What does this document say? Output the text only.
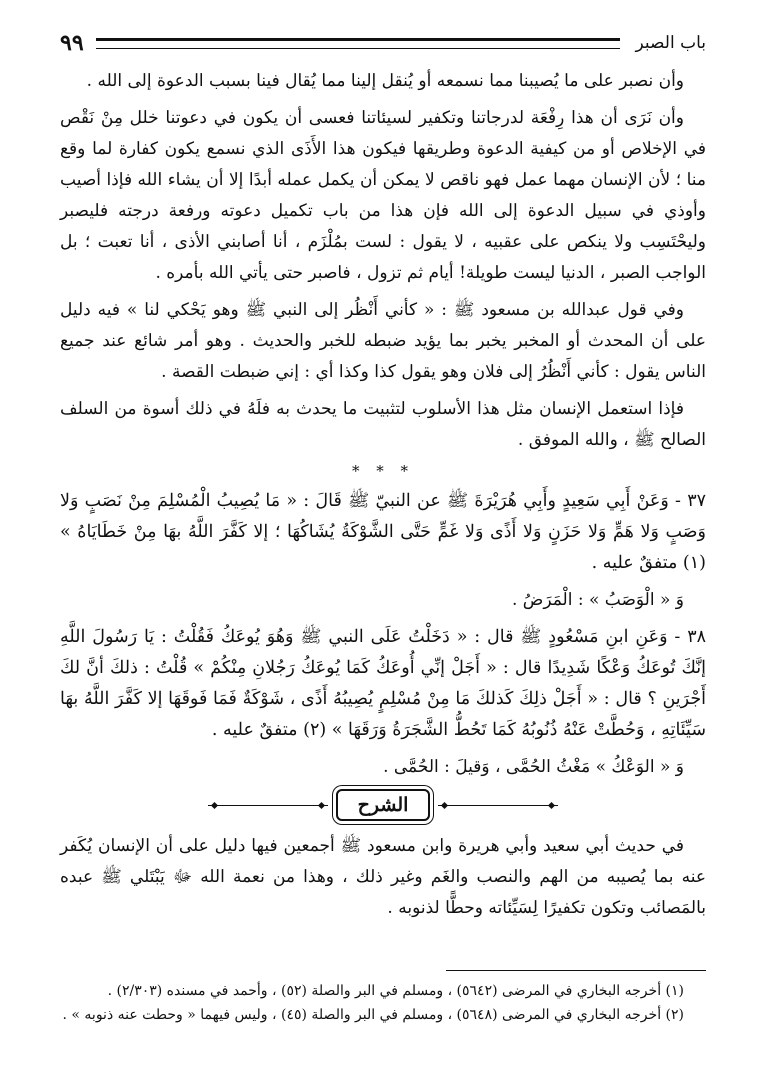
باب الصبر
٩٩

وأن نصبر على ما يُصيبنا مما نسمعه أو يُنقل إلينا مما يُقال فينا بسبب الدعوة إلى الله .

وأن نَرَى أن هذا رِفْعَة لدرجاتنا وتكفير لسيئاتنا فعسى أن يكون في دعوتنا خلل مِنْ نَقْص في الإخلاص أو من كيفية الدعوة وطريقها فيكون هذا الأَذَى الذي نسمع يكون كفارة لما وقع منا ؛ لأن الإنسان مهما عمل فهو ناقص لا يمكن أن يكمل عمله أبدًا إلا أن يشاء الله فإذا أصيب وأوذي في سبيل الدعوة إلى الله فإن هذا من باب تكميل دعوته ورفعة درجته فليصبر وليحْتَسِب ولا ينكص على عقبيه ، لا يقول : لست بمُلْزَم ، أنا أصابني الأذى ، أنا تعبت ؛ بل الواجب الصبر ، الدنيا ليست طويلة! أيام ثم تزول ، فاصبر حتى يأتي الله بأمره .

وفي قول عبدالله بن مسعود ﷺ : « كأني أَنْظُر إلى النبي ﷺ وهو يَحْكي لنا » فيه دليل على أن المحدث أو المخبر يخبر بما يؤيد ضبطه للخبر والحديث . وهو أمر شائع عند جميع الناس يقول : كأني أَنْظُرُ إلى فلان وهو يقول كذا وكذا أي : إني ضبطت القصة .

فإذا استعمل الإنسان مثل هذا الأسلوب لتثبيت ما يحدث به فلَهُ في ذلك أسوة من السلف الصالح ﷺ ، والله الموفق .

* * *

٣٧ - وَعَنْ أَبِي سَعِيدٍ وأَبِي هُرَيْرَةَ ﷺ عن النبيّ ﷺ قَالَ : « مَا يُصِيبُ الْمُسْلِمَ مِنْ نَصَبٍ وَلا وَصَبٍ وَلا هَمٍّ وَلا حَزَنٍ وَلا أَذًى وَلا غَمٍّ حَتَّى الشَّوْكَةُ يُشَاكُهَا ؛ إلا كَفَّرَ اللَّهُ بهَا مِنْ خَطَايَاهُ » (١) متفقٌ عليه .

وَ « الْوَصَبُ » : الْمَرَضُ .

٣٨ - وَعَنِ ابنِ مَسْعُودٍ ﷺ قال : « دَخَلْتُ عَلَى النبي ﷺ وَهُوَ يُوعَكُ فَقُلْتُ : يَا رَسُولَ اللَّهِ إنَّكَ تُوعَكُ وَعْكًا شَدِيدًا قال : « أَجَلْ إنِّي أُوعَكُ كَمَا يُوعَكُ رَجُلانِ مِنْكُمْ » قُلْتُ : ذلكَ أنَّ لكَ أَجْرَينِ ؟ قال : « أَجَلْ ذلِكَ كَذلكَ مَا مِنْ مُسْلِمٍ يُصِيبُهُ أَذًى ، شَوْكَةٌ فَمَا فَوقَهَا إلا كَفَّرَ اللَّهُ بهَا سَيِّئَاتِهِ ، وَحُطَّتْ عَنْهُ ذُنُوبُهُ كَمَا تَحُطُّ الشَّجَرَةُ وَرَقَهَا » (٢) متفقٌ عليه .

وَ « الوَعْكُ » مَغْثُ الحُمَّى ، وَقيلَ : الحُمَّى .

الشرح

في حديث أبي سعيد وأبي هريرة وابن مسعود ﷺ أجمعين فيها دليل على أن الإنسان يُكَفر عنه بما يُصيبه من الهم والنصب والغَم وغير ذلك ، وهذا من نعمة الله ﷻ يَبْتَلي ﷺ عبده بالمَصائب وتكون تكفيرًا لِسَيِّئاته وحطًّا لذنوبه .

(١) أخرجه البخاري في المرضى (٥٦٤٢) ، ومسلم في البر والصلة (٥٢) ، وأحمد في مسنده (٢/٣٠٣) .

(٢) أخرجه البخاري في المرضى (٥٦٤٨) ، ومسلم في البر والصلة (٤٥) ، وليس فيهما « وحطت عنه ذنوبه » .
